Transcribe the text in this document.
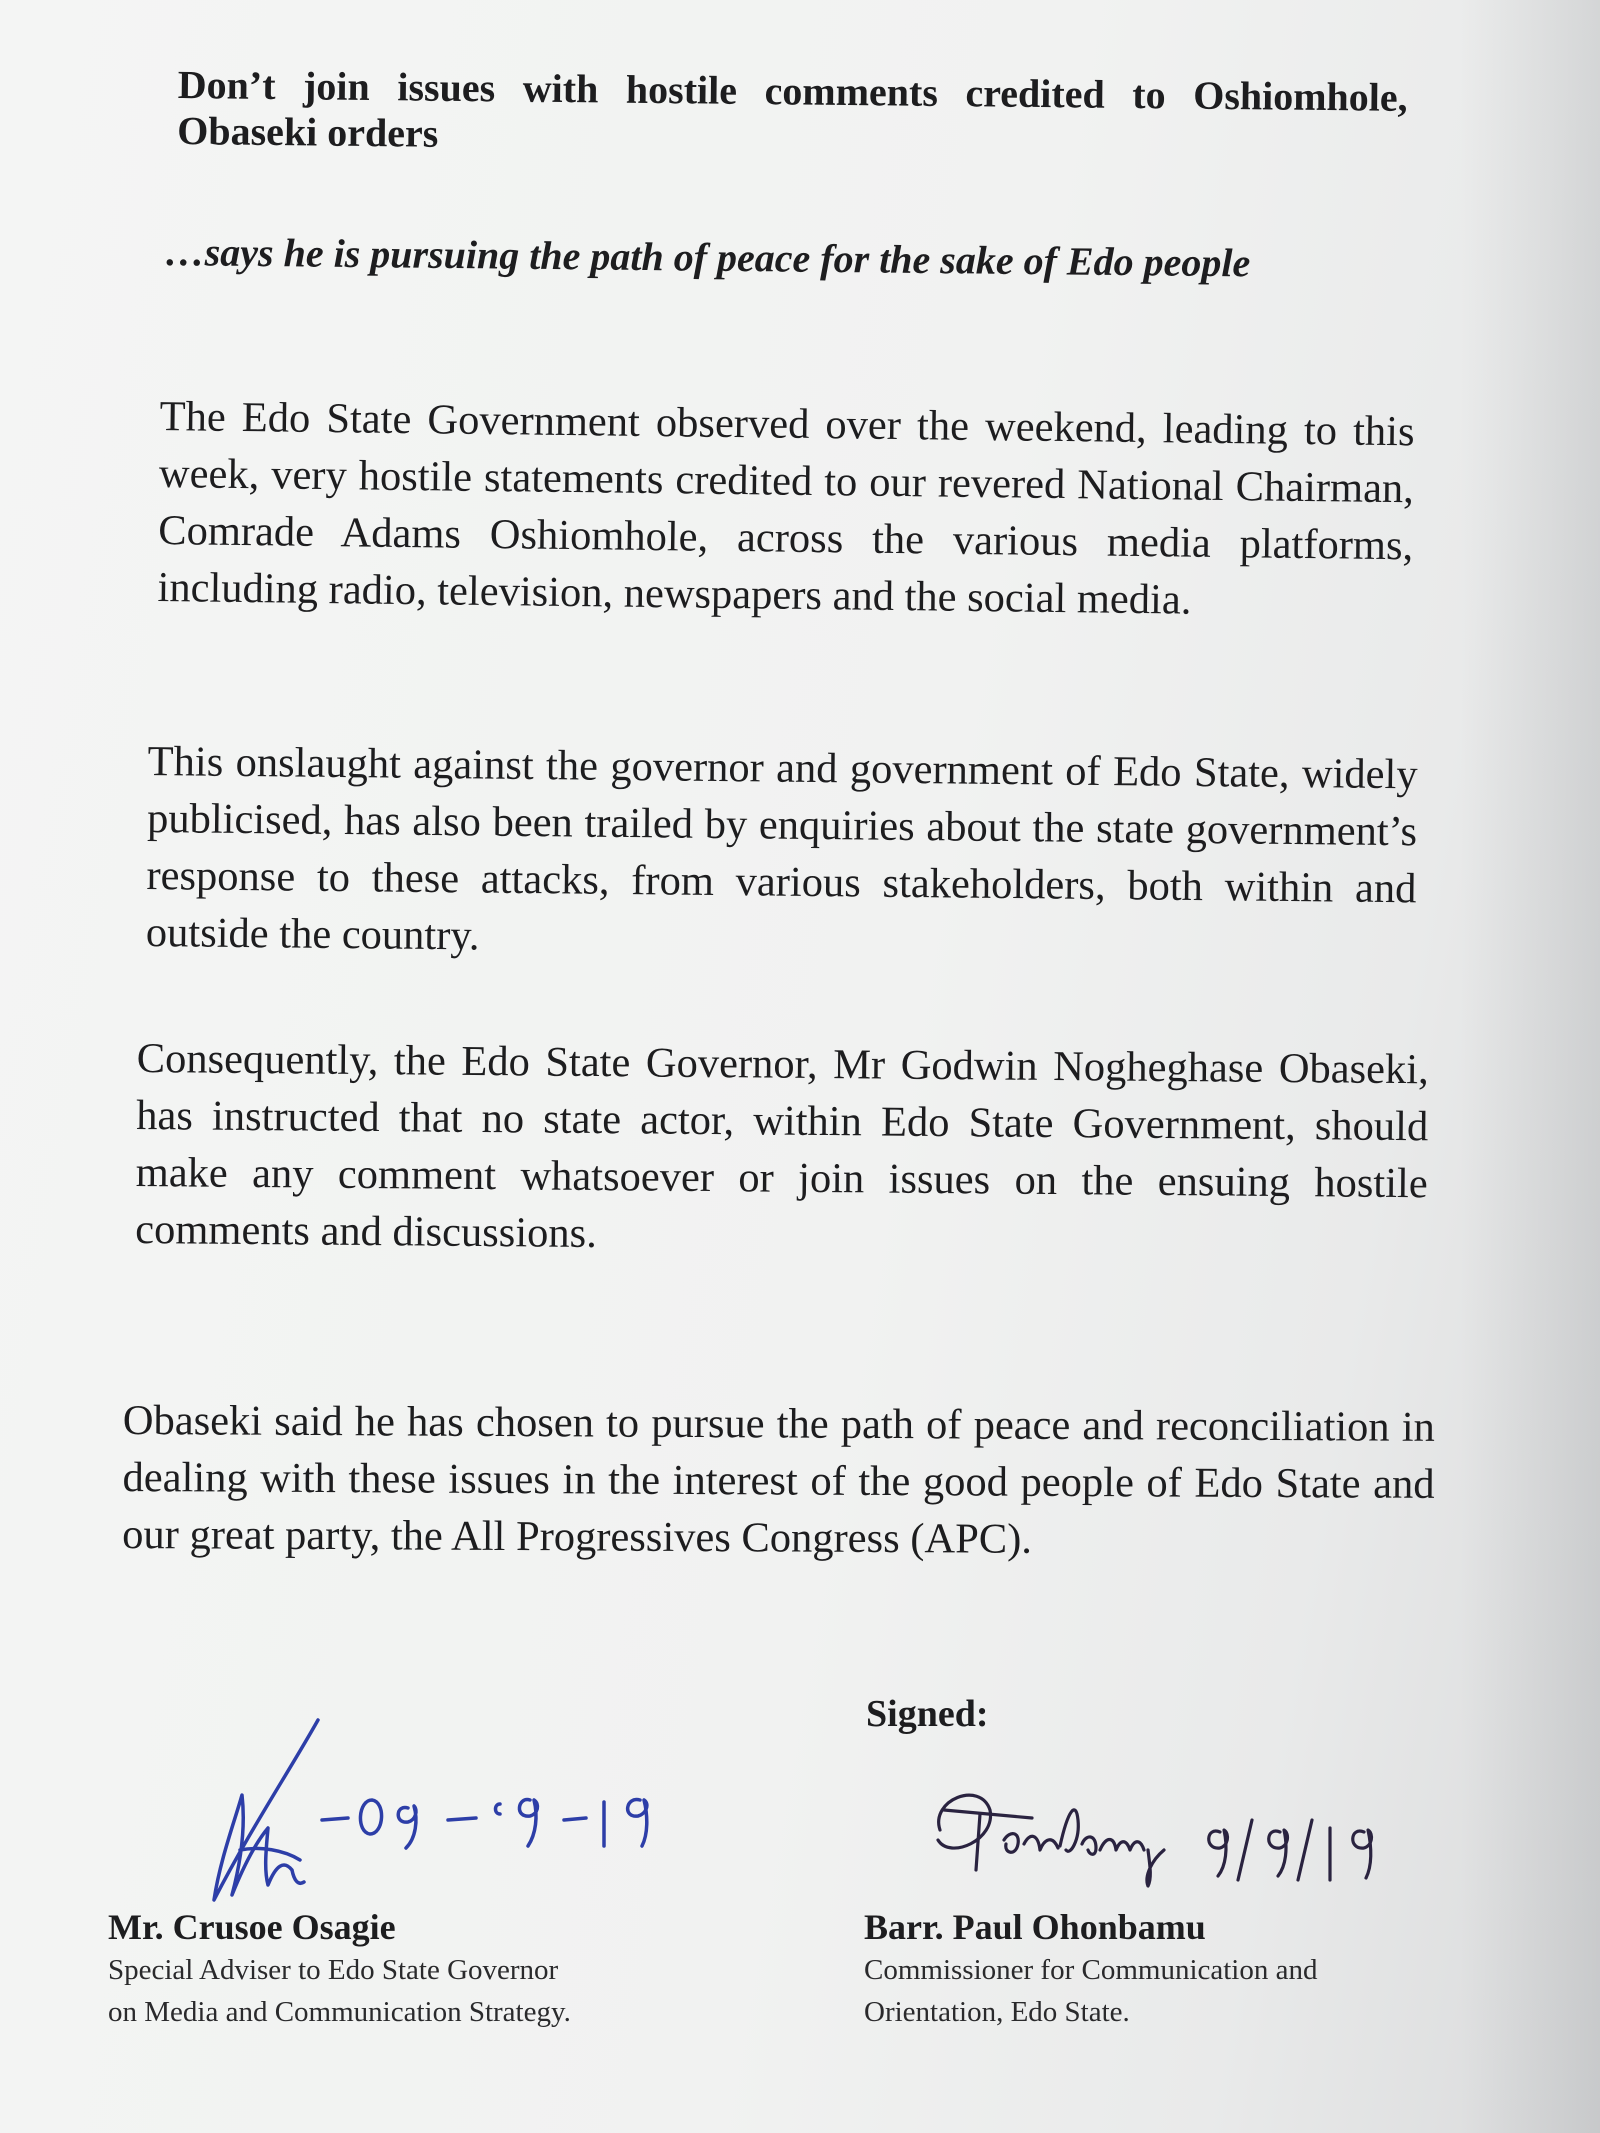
Don’t join issues with hostile comments credited to Oshiomhole, Obaseki orders
…says he is pursuing the path of peace for the sake of Edo people

The Edo State Government observed over the weekend, leading to this week, very hostile statements credited to our revered National Chairman, Comrade Adams Oshiomhole, across the various media platforms, including radio, television, newspapers and the social media.

This onslaught against the governor and government of Edo State, widely publicised, has also been trailed by enquiries about the state government’s response to these attacks, from various stakeholders, both within and outside the country.

Consequently, the Edo State Governor, Mr Godwin Nogheghase Obaseki, has instructed that no state actor, within Edo State Government, should make any comment whatsoever or join issues on the ensuing hostile comments and discussions.

Obaseki said he has chosen to pursue the path of peace and reconciliation in dealing with these issues in the interest of the good people of Edo State and our great party, the All Progressives Congress (APC).

Signed:

Mr. Crusoe Osagie

Special Adviser to Edo State Governor

on Media and Communication Strategy.

Barr. Paul Ohonbamu

Commissioner for Communication and

Orientation, Edo State.
